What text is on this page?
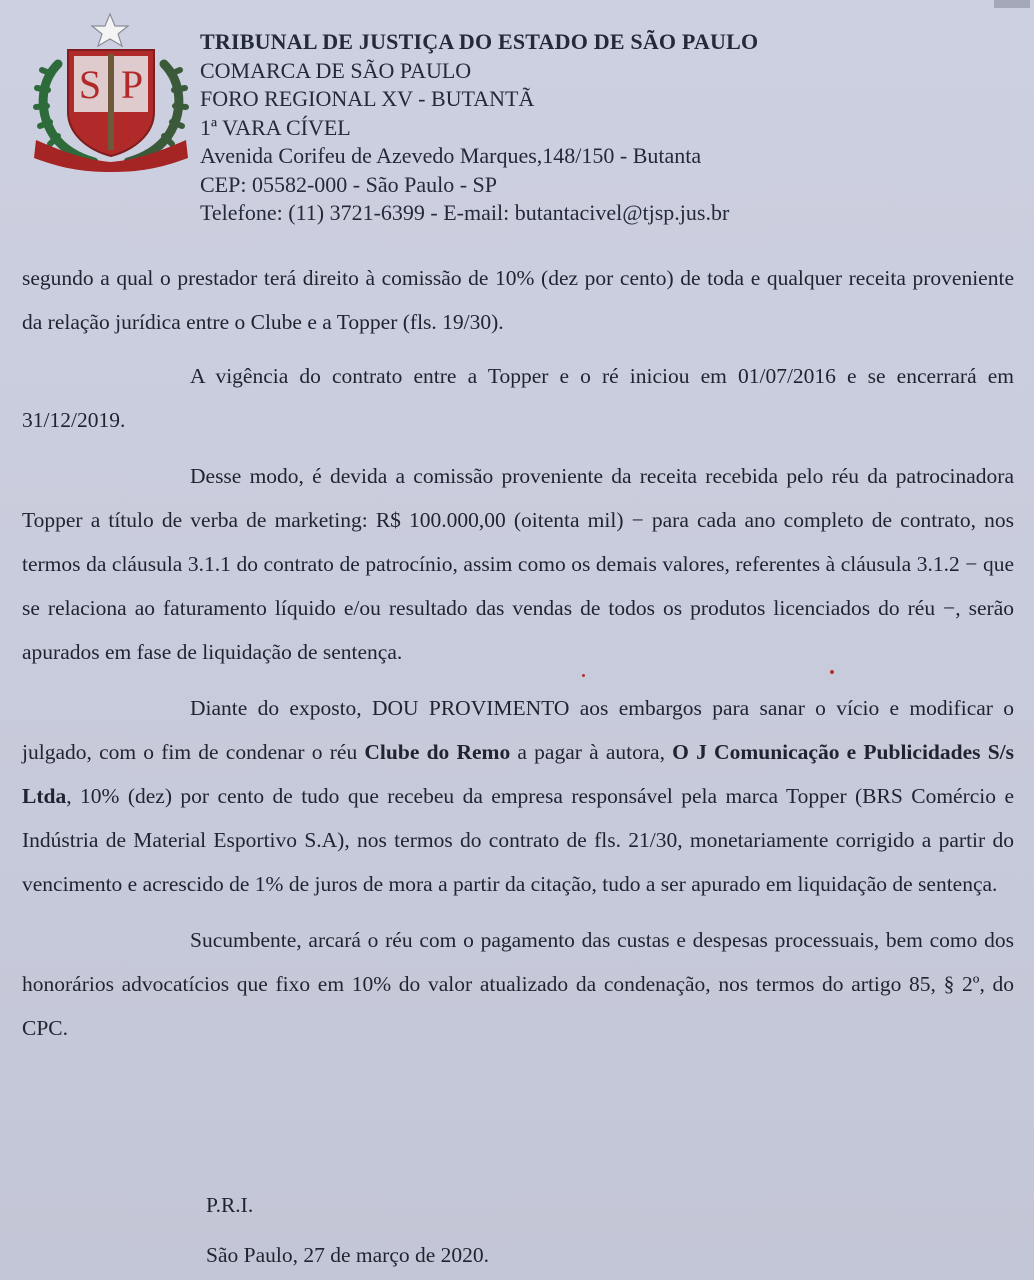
S P
TRIBUNAL DE JUSTIÇA DO ESTADO DE SÃO PAULO
COMARCA DE SÃO PAULO
FORO REGIONAL XV - BUTANTÃ
1ª VARA CÍVEL
Avenida Corifeu de Azevedo Marques,148/150 - Butanta
CEP: 05582-000 - São Paulo - SP
Telefone: (11) 3721-6399 - E-mail: butantacivel@tjsp.jus.br

segundo a qual o prestador terá direito à comissão de 10% (dez por cento) de toda e qualquer receita proveniente da relação jurídica entre o Clube e a Topper (fls. 19/30).

A vigência do contrato entre a Topper e o ré iniciou em 01/07/2016 e se encerrará em 31/12/2019.

Desse modo, é devida a comissão proveniente da receita recebida pelo réu da patrocinadora Topper a título de verba de marketing: R$ 100.000,00 (oitenta mil) − para cada ano completo de contrato, nos termos da cláusula 3.1.1 do contrato de patrocínio, assim como os demais valores, referentes à cláusula 3.1.2 − que se relaciona ao faturamento líquido e/ou resultado das vendas de todos os produtos licenciados do réu −, serão apurados em fase de liquidação de sentença.

Diante do exposto, DOU PROVIMENTO aos embargos para sanar o vício e modificar o julgado, com o fim de condenar o réu Clube do Remo a pagar à autora, O J Comunicação e Publicidades S/s Ltda, 10% (dez) por cento de tudo que recebeu da empresa responsável pela marca Topper (BRS Comércio e Indústria de Material Esportivo S.A), nos termos do contrato de fls. 21/30, monetariamente corrigido a partir do vencimento e acrescido de 1% de juros de mora a partir da citação, tudo a ser apurado em liquidação de sentença.

Sucumbente, arcará o réu com o pagamento das custas e despesas processuais, bem como dos honorários advocatícios que fixo em 10% do valor atualizado da condenação, nos termos do artigo 85, § 2º, do CPC.

P.R.I.
São Paulo, 27 de março de 2020.
